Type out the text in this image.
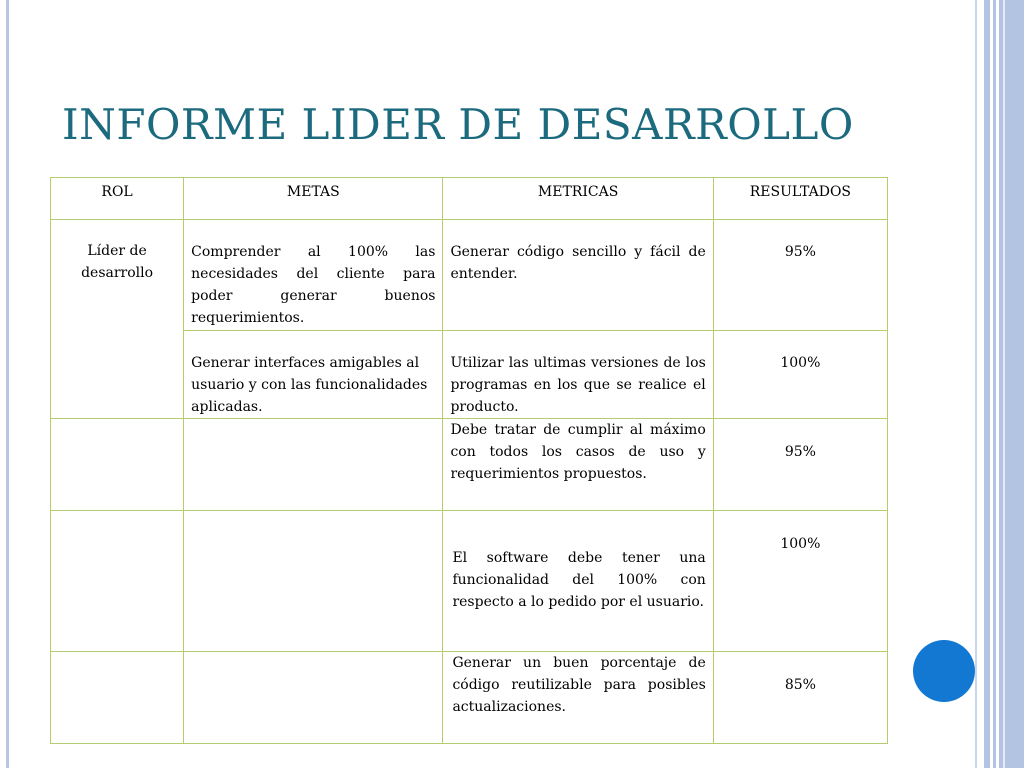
INFORME LIDER DE DESARROLLO
ROL	METAS	METRICAS	RESULTADOS
Líder de desarrollo	Comprender al 100% las necesidades del cliente para poder generar buenos requerimientos.	Generar código sencillo y fácil de entender.	95%
	Generar interfaces amigables al usuario y con las funcionalidades aplicadas.	Utilizar las ultimas versiones de los programas en los que se realice el producto.	100%
		Debe tratar de cumplir al máximo con todos los casos de uso y requerimientos propuestos.	95%
		El software debe tener una funcionalidad del 100% con respecto a lo pedido por el usuario.	100%
		Generar un buen porcentaje de código reutilizable para posibles actualizaciones.	85%
